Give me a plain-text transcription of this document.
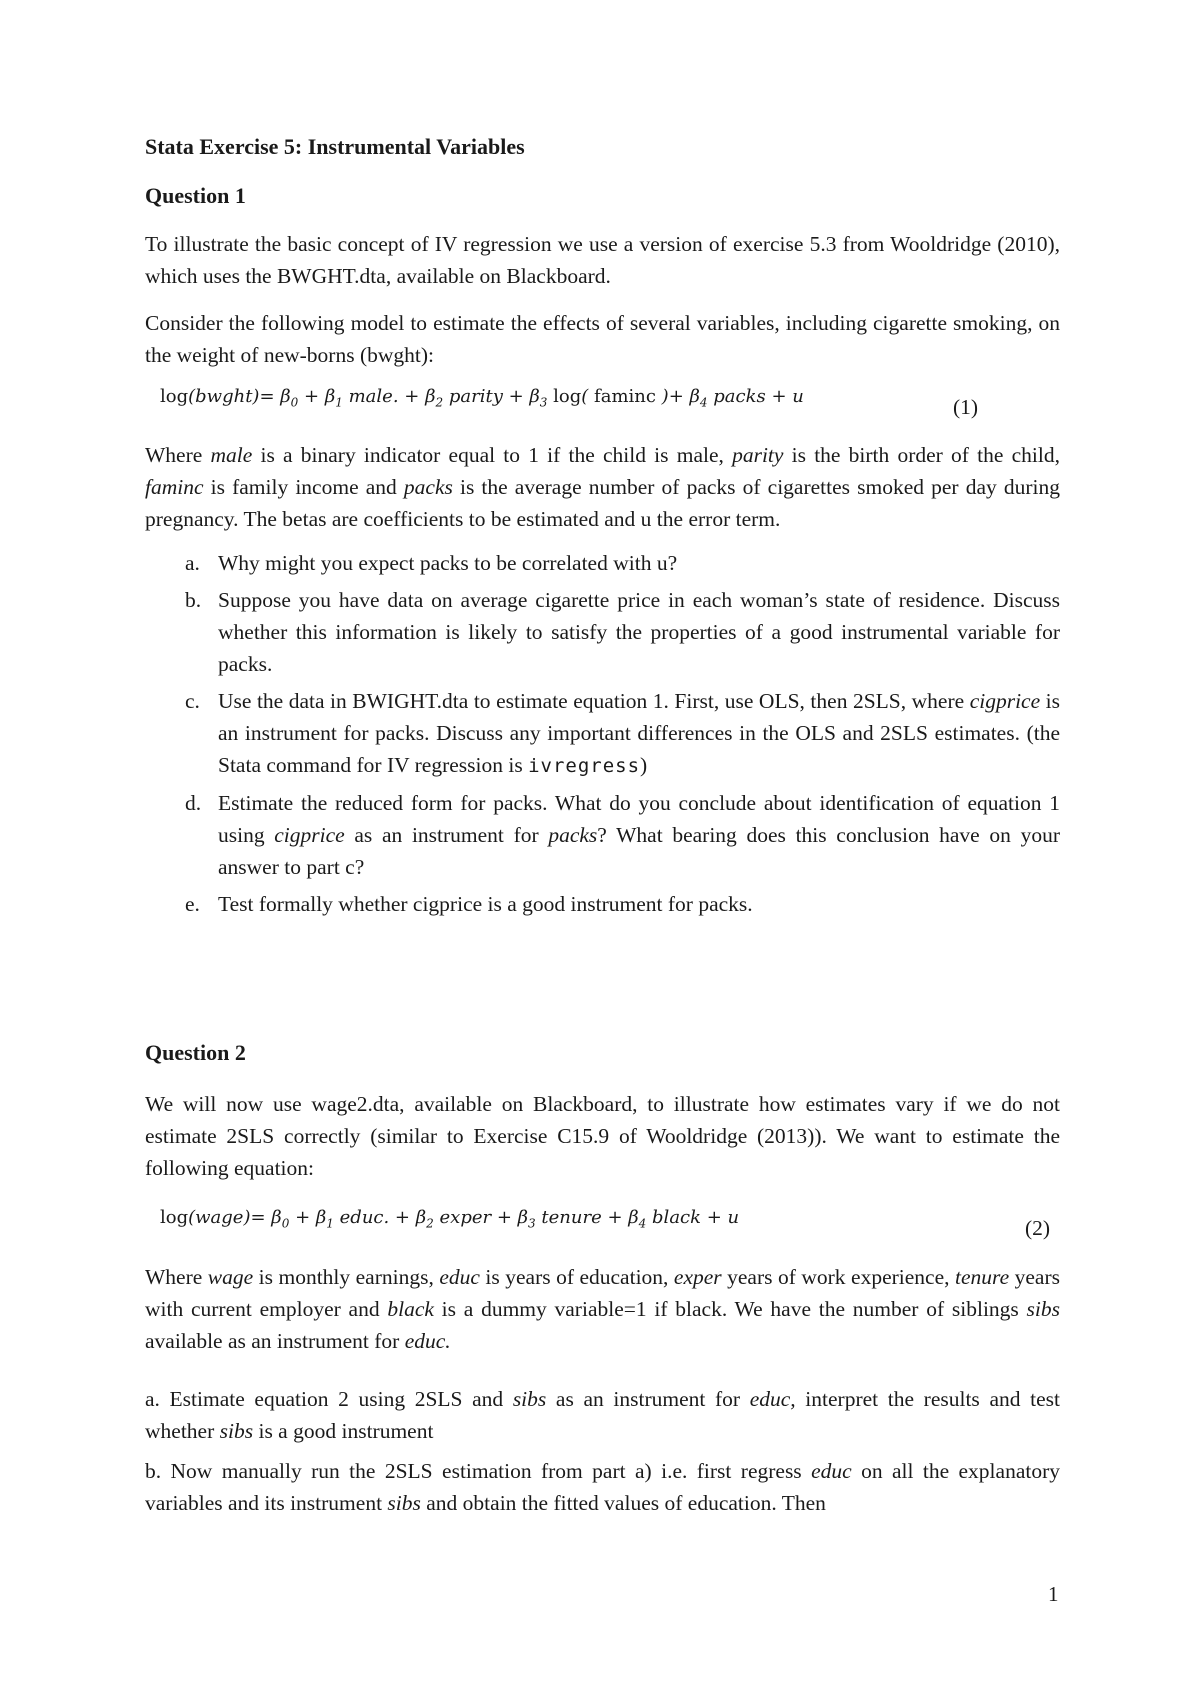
Stata Exercise 5: Instrumental Variables

Question 1

To illustrate the basic concept of IV regression we use a version of exercise 5.3 from Wooldridge (2010), which uses the BWGHT.dta, available on Blackboard.

Consider the following model to estimate the effects of several variables, including cigarette smoking, on the weight of new-borns (bwght):

log(bwght)= $\beta_0 + \beta_1$ male. + $\beta_2$ parity + $\beta_3$ log( faminc )+ $\beta_4$ packs + u	(1)

Where male is a binary indicator equal to 1 if the child is male, parity is the birth order of the child, faminc is family income and packs is the average number of packs of cigarettes smoked per day during pregnancy. The betas are coefficients to be estimated and u the error term.

a. Why might you expect packs to be correlated with u?
b. Suppose you have data on average cigarette price in each woman’s state of residence. Discuss whether this information is likely to satisfy the properties of a good instrumental variable for packs.
c. Use the data in BWIGHT.dta to estimate equation 1. First, use OLS, then 2SLS, where cigprice is an instrument for packs. Discuss any important differences in the OLS and 2SLS estimates. (the Stata command for IV regression is ivregress)
d. Estimate the reduced form for packs. What do you conclude about identification of equation 1 using cigprice as an instrument for packs? What bearing does this conclusion have on your answer to part c?
e. Test formally whether cigprice is a good instrument for packs.

Question 2

We will now use wage2.dta, available on Blackboard, to illustrate how estimates vary if we do not estimate 2SLS correctly (similar to Exercise C15.9 of Wooldridge (2013)). We want to estimate the following equation:

log(wage)= $\beta_0 + \beta_1$ educ. + $\beta_2$ exper + $\beta_3$ tenure + $\beta_4$ black + u	(2)

Where wage is monthly earnings, educ is years of education, exper years of work experience, tenure years with current employer and black is a dummy variable=1 if black. We have the number of siblings sibs available as an instrument for educ.

a. Estimate equation 2 using 2SLS and sibs as an instrument for educ, interpret the results and test whether sibs is a good instrument

b. Now manually run the 2SLS estimation from part a) i.e. first regress educ on all the explanatory variables and its instrument sibs and obtain the fitted values of education. Then

1
